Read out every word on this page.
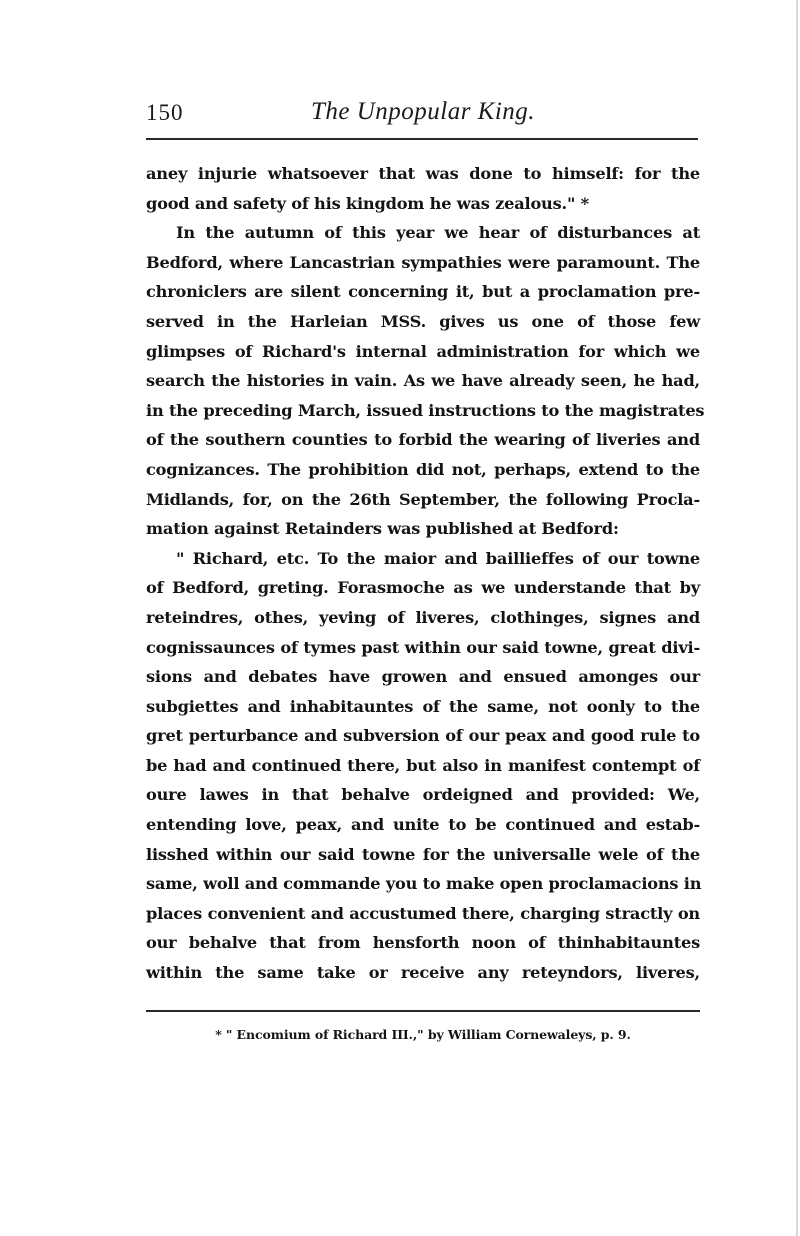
150	The Unpopular King.
aney injurie whatsoever that was done to himself: for the
good and safety of his kingdom he was zealous." *
In the autumn of this year we hear of disturbances at
Bedford, where Lancastrian sympathies were paramount. The
chroniclers are silent concerning it, but a proclamation pre-
served in the Harleian MSS. gives us one of those few
glimpses of Richard's internal administration for which we
search the histories in vain. As we have already seen, he had,
in the preceding March, issued instructions to the magistrates
of the southern counties to forbid the wearing of liveries and
cognizances. The prohibition did not, perhaps, extend to the
Midlands, for, on the 26th September, the following Procla-
mation against Retainders was published at Bedford:
" Richard, etc. To the maior and baillieffes of our towne
of Bedford, greting. Forasmoche as we understande that by
reteindres, othes, yeving of liveres, clothinges, signes and
cognissaunces of tymes past within our said towne, great divi-
sions and debates have growen and ensued amonges our
subgiettes and inhabitauntes of the same, not oonly to the
gret perturbance and subversion of our peax and good rule to
be had and continued there, but also in manifest contempt of
oure lawes in that behalve ordeigned and provided: We,
entending love, peax, and unite to be continued and estab-
lisshed within our said towne for the universalle wele of the
same, woll and commande you to make open proclamacions in
places convenient and accustumed there, charging stractly on
our behalve that from hensforth noon of thinhabitauntes
within the same take or receive any reteyndors, liveres,
* " Encomium of Richard III.," by William Cornewaleys, p. 9.
